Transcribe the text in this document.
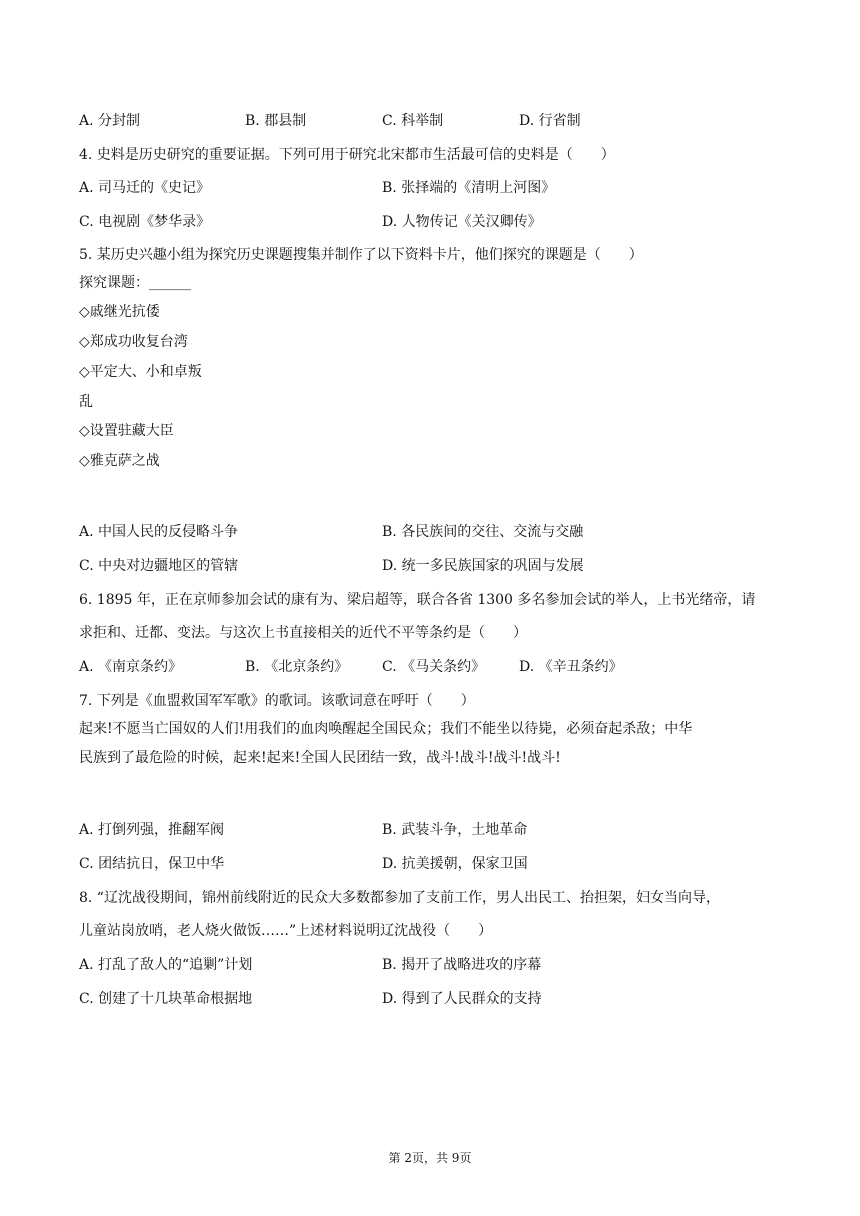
A. 分封制	B. 郡县制	C. 科举制	D. 行省制
4. 史料是历史研究的重要证据。下列可用于研究北宋都市生活最可信的史料是（　　）
A. 司马迁的《史记》	B. 张择端的《清明上河图》
C. 电视剧《梦华录》	D. 人物传记《关汉卿传》
5. 某历史兴趣小组为探究历史课题搜集并制作了以下资料卡片，他们探究的课题是（　　）
探究课题：______
◇戚继光抗倭
◇郑成功收复台湾
◇平定大、小和卓叛
乱
◇设置驻藏大臣
◇雅克萨之战
A. 中国人民的反侵略斗争	B. 各民族间的交往、交流与交融
C. 中央对边疆地区的管辖	D. 统一多民族国家的巩固与发展
6. 1895 年，正在京师参加会试的康有为、梁启超等，联合各省 1300 多名参加会试的举人，上书光绪帝，请
求拒和、迁都、变法。与这次上书直接相关的近代不平等条约是（　　）
A. 《南京条约》	B. 《北京条约》 C. 《马关条约》 D. 《辛丑条约》
7. 下列是《血盟救国军军歌》的歌词。该歌词意在呼吁（　　）
起来!不愿当亡国奴的人们!用我们的血肉唤醒起全国民众；我们不能坐以待毙，必须奋起杀敌；中华
民族到了最危险的时候，起来!起来!全国人民团结一致，战斗!战斗!战斗!战斗!
A. 打倒列强，推翻军阀	B. 武装斗争，土地革命
C. 团结抗日，保卫中华	D. 抗美援朝，保家卫国
8. “辽沈战役期间，锦州前线附近的民众大多数都参加了支前工作，男人出民工、抬担架，妇女当向导，
儿童站岗放哨，老人烧火做饭……”上述材料说明辽沈战役（　　）
A. 打乱了敌人的“追剿”计划	B. 揭开了战略进攻的序幕
C. 创建了十几块革命根据地	D. 得到了人民群众的支持
第 2页，共 9页
